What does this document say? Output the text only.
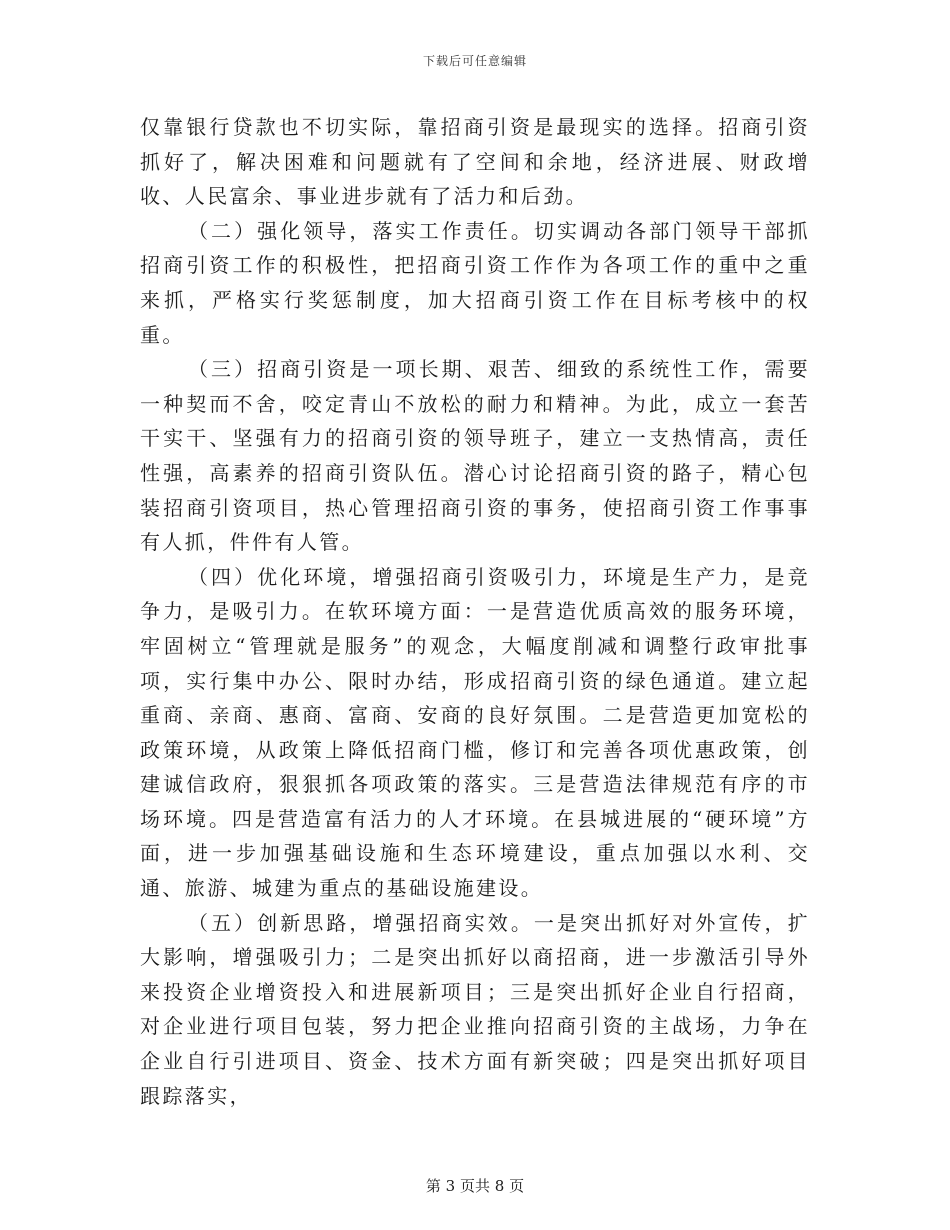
下载后可任意编辑

仅靠银行贷款也不切实际，靠招商引资是最现实的选择。招商引资抓好了，解决困难和问题就有了空间和余地，经济进展、财政增收、人民富余、事业进步就有了活力和后劲。

（二）强化领导，落实工作责任。切实调动各部门领导干部抓招商引资工作的积极性，把招商引资工作作为各项工作的重中之重来抓，严格实行奖惩制度，加大招商引资工作在目标考核中的权重。

（三）招商引资是一项长期、艰苦、细致的系统性工作，需要一种契而不舍，咬定青山不放松的耐力和精神。为此，成立一套苦干实干、坚强有力的招商引资的领导班子，建立一支热情高，责任性强，高素养的招商引资队伍。潜心讨论招商引资的路子，精心包装招商引资项目，热心管理招商引资的事务，使招商引资工作事事有人抓，件件有人管。

（四）优化环境，增强招商引资吸引力，环境是生产力，是竞争力，是吸引力。在软环境方面：一是营造优质高效的服务环境，牢固树立“管理就是服务”的观念，大幅度削减和调整行政审批事项，实行集中办公、限时办结，形成招商引资的绿色通道。建立起重商、亲商、惠商、富商、安商的良好氛围。二是营造更加宽松的政策环境，从政策上降低招商门槛，修订和完善各项优惠政策，创建诚信政府，狠狠抓各项政策的落实。三是营造法律规范有序的市场环境。四是营造富有活力的人才环境。在县城进展的“硬环境”方面，进一步加强基础设施和生态环境建设，重点加强以水利、交通、旅游、城建为重点的基础设施建设。

（五）创新思路，增强招商实效。一是突出抓好对外宣传，扩大影响，增强吸引力；二是突出抓好以商招商，进一步激活引导外来投资企业增资投入和进展新项目；三是突出抓好企业自行招商，对企业进行项目包装，努力把企业推向招商引资的主战场，力争在企业自行引进项目、资金、技术方面有新突破；四是突出抓好项目跟踪落实，

第 3 页共 8 页
